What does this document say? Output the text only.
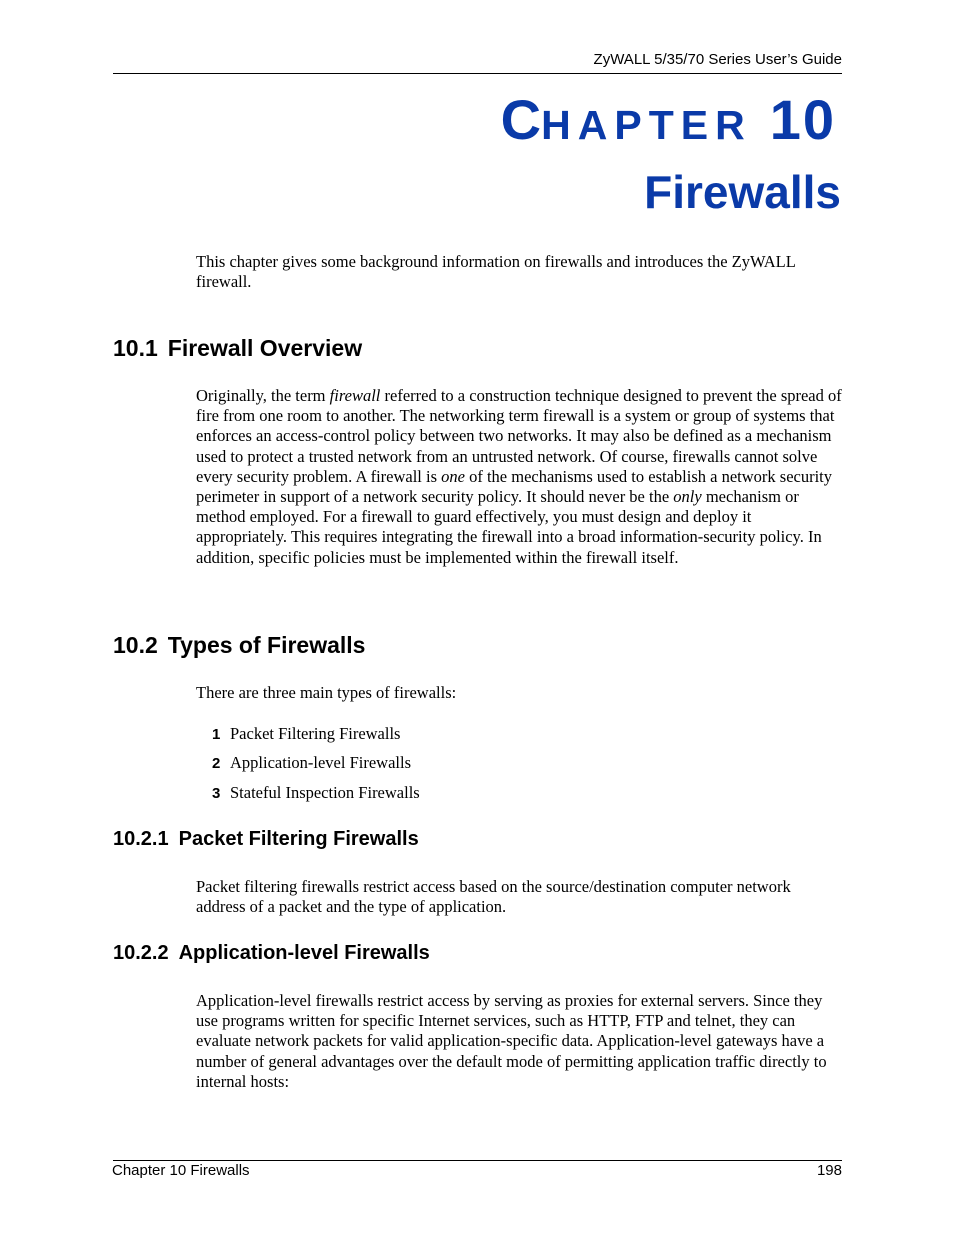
ZyWALL 5/35/70 Series User’s Guide
CHAPTER 10
Firewalls

This chapter gives some background information on firewalls and introduces the ZyWALL firewall.

10.1 Firewall Overview

Originally, the term firewall referred to a construction technique designed to prevent the spread of fire from one room to another. The networking term firewall is a system or group of systems that enforces an access-control policy between two networks. It may also be defined as a mechanism used to protect a trusted network from an untrusted network. Of course, firewalls cannot solve every security problem. A firewall is one of the mechanisms used to establish a network security perimeter in support of a network security policy. It should never be the only mechanism or method employed. For a firewall to guard effectively, you must design and deploy it appropriately. This requires integrating the firewall into a broad information-security policy. In addition, specific policies must be implemented within the firewall itself.

10.2 Types of Firewalls

There are three main types of firewalls:

1 Packet Filtering Firewalls
2 Application-level Firewalls
3 Stateful Inspection Firewalls
10.2.1 Packet Filtering Firewalls

Packet filtering firewalls restrict access based on the source/destination computer network address of a packet and the type of application.

10.2.2 Application-level Firewalls

Application-level firewalls restrict access by serving as proxies for external servers. Since they use programs written for specific Internet services, such as HTTP, FTP and telnet, they can evaluate network packets for valid application-specific data. Application-level gateways have a number of general advantages over the default mode of permitting application traffic directly to internal hosts:

Chapter 10 Firewalls	198
